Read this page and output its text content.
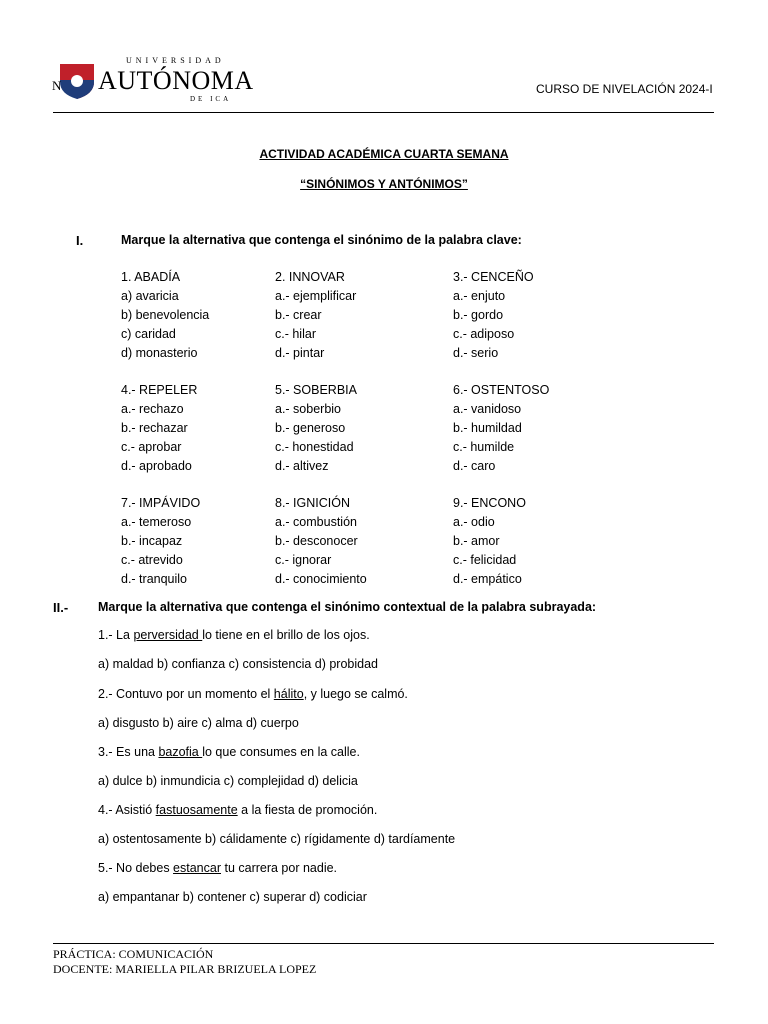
N
UNIVERSIDAD
AUTÓNOMA
DE ICA
CURSO DE NIVELACIÓN 2024-I
ACTIVIDAD ACADÉMICA CUARTA SEMANA
“SINÓNIMOS Y ANTÓNIMOS”
I.	Marque la alternativa que contenga el sinónimo de la palabra clave:
1. ABADÍA
a) avaricia
b) benevolencia
c) caridad
d) monasterio
2. INNOVAR
a.- ejemplificar
b.- crear
c.- hilar
d.- pintar
3.- CENCEÑO
a.- enjuto
b.- gordo
c.- adiposo
d.- serio
4.- REPELER
a.- rechazo
b.- rechazar
c.- aprobar
d.- aprobado
5.- SOBERBIA
a.- soberbio
b.- generoso
c.- honestidad
d.- altivez
6.- OSTENTOSO
a.- vanidoso
b.- humildad
c.- humilde
d.- caro
7.- IMPÁVIDO
a.- temeroso
b.- incapaz
c.- atrevido
d.- tranquilo
8.- IGNICIÓN
a.- combustión
b.- desconocer
c.- ignorar
d.- conocimiento
9.- ENCONO
a.- odio
b.- amor
c.- felicidad
d.- empático
II.- Marque la alternativa que contenga el sinónimo contextual de la palabra subrayada:
1.- La perversidad lo tiene en el brillo de los ojos.
a) maldad b) confianza c) consistencia d) probidad
2.- Contuvo por un momento el hálito, y luego se calmó.
a) disgusto b) aire c) alma d) cuerpo
3.- Es una bazofia lo que consumes en la calle.
a) dulce b) inmundicia c) complejidad d) delicia
4.- Asistió fastuosamente a la fiesta de promoción.
a) ostentosamente b) cálidamente c) rígidamente d) tardíamente
5.- No debes estancar tu carrera por nadie.
a) empantanar b) contener c) superar d) codiciar
PRÁCTICA: COMUNICACIÓN
DOCENTE: MARIELLA PILAR BRIZUELA LOPEZ
